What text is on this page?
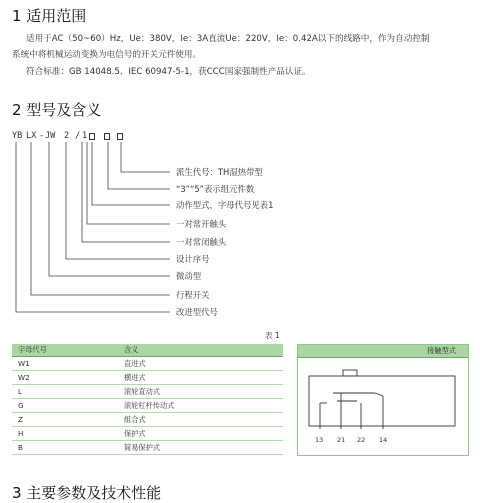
1 适用范围
适用于AC（50~60）Hz，Ue：380V，Ie：3A直流Ue：220V，Ie：0.42A以下的线路中，作为自动控制
系统中将机械运动变换为电信号的开关元件使用。
符合标准：GB 14048.5、IEC 60947-5-1，获CCC国家强制性产品认证。
2 型号及含义
YB LX - JW 2 / 1
派生代号：TH湿热带型
“3”“5”表示组元件数
动作型式，字母代号见表1
一对常开触头
一对常闭触头
设计序号
微动型
行程开关
改进型代号
表 1
字母代号	含义
W1	直进式
W2	横进式
L	滚轮直动式
G	滚轮杠杆传动式
Z	组合式
H	保护式
B	简易保护式
接触型式
13 21 22 14
3 主要参数及技术性能
